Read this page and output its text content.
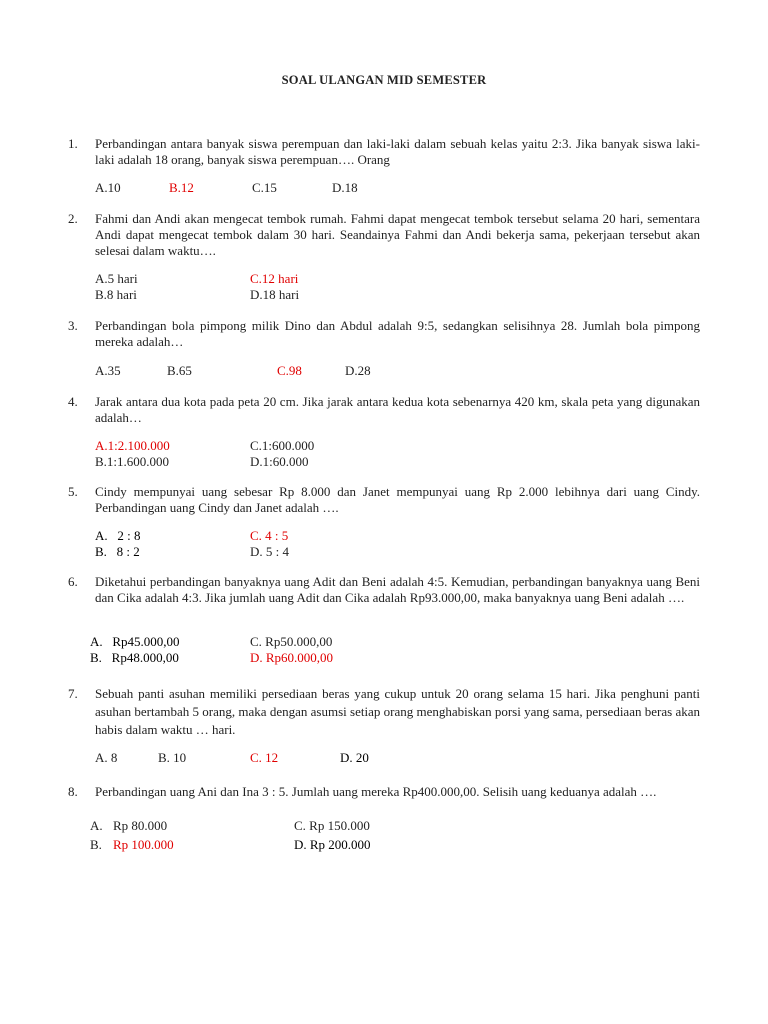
SOAL ULANGAN MID SEMESTER
1.	Perbandingan antara banyak siswa perempuan dan laki-laki dalam sebuah kelas yaitu 2:3. Jika banyak siswa laki-laki adalah 18 orang, banyak siswa perempuan…. Orang
A.10	B.12	C.15	D.18
2.	Fahmi dan Andi akan mengecat tembok rumah. Fahmi dapat mengecat tembok tersebut selama 20 hari, sementara Andi dapat mengecat tembok dalam 30 hari. Seandainya Fahmi dan Andi bekerja sama, pekerjaan tersebut akan selesai dalam waktu….
A.5 hari	C.12 hari
B.8 hari	D.18 hari
3.	Perbandingan bola pimpong milik Dino dan Abdul adalah 9:5, sedangkan selisihnya 28. Jumlah bola pimpong mereka adalah…
A.35	B.65	C.98	D.28
4.	Jarak antara dua kota pada peta 20 cm. Jika jarak antara kedua kota sebenarnya 420 km, skala peta yang digunakan adalah…
A.1:2.100.000	C.1:600.000
B.1:1.600.000	D.1:60.000
5.	Cindy mempunyai uang sebesar Rp 8.000 dan Janet mempunyai uang Rp 2.000 lebihnya dari uang Cindy. Perbandingan uang Cindy dan Janet adalah ….
A.   2 : 8	C. 4 : 5
B.   8 : 2	D. 5 : 4
6.	Diketahui perbandingan banyaknya uang Adit dan Beni adalah 4:5. Kemudian, perbandingan banyaknya uang Beni dan Cika adalah 4:3. Jika jumlah uang Adit dan Cika adalah Rp93.000,00, maka banyaknya uang Beni adalah ….
A.   Rp45.000,00	C. Rp50.000,00
B.   Rp48.000,00	D. Rp60.000,00
7.	Sebuah panti asuhan memiliki persediaan beras yang cukup untuk 20 orang selama 15 hari. Jika penghuni panti asuhan bertambah 5 orang, maka dengan asumsi setiap orang menghabiskan porsi yang sama, persediaan beras akan habis dalam waktu … hari.
A. 8	B. 10	C. 12	D. 20
8.	Perbandingan uang Ani dan Ina 3 : 5. Jumlah uang mereka Rp400.000,00. Selisih uang keduanya adalah ….
A. Rp 80.000	C. Rp 150.000
B. Rp 100.000	D. Rp 200.000
